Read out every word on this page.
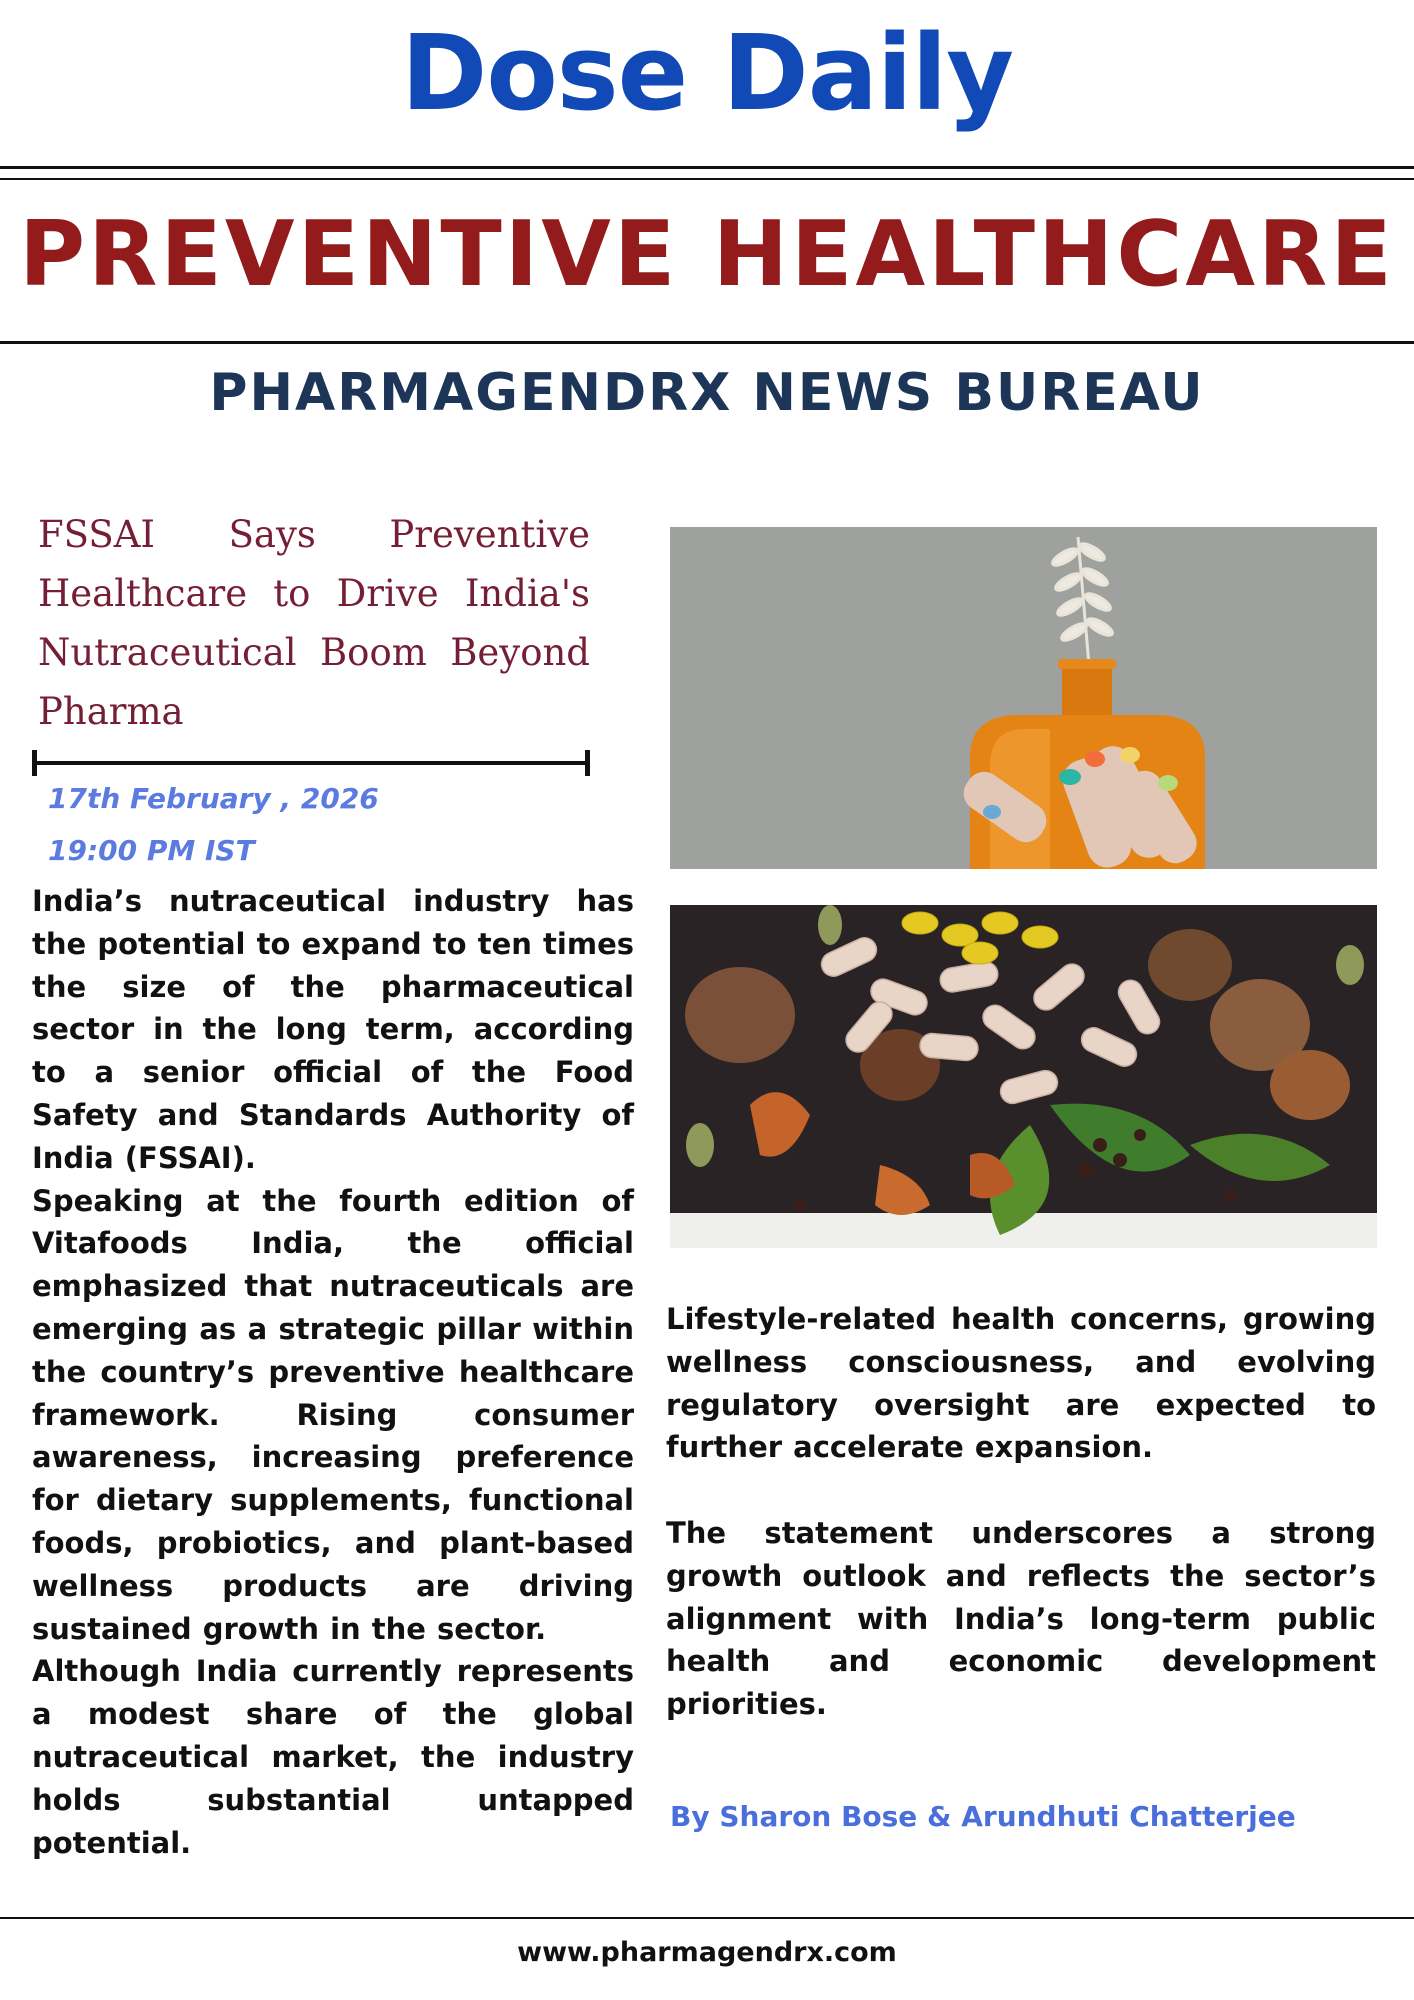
Dose Daily
PREVENTIVE HEALTHCARE
PHARMAGENDRX NEWS BUREAU
FSSAI Says Preventive Healthcare to Drive India's Nutraceutical Boom Beyond Pharma
17th February , 2026
19:00 PM IST

India’s nutraceutical industry has the potential to expand to ten times the size of the pharmaceutical sector in the long term, according to a senior official of the Food Safety and Standards Authority of India (FSSAI).

Speaking at the fourth edition of Vitafoods India, the official emphasized that nutraceuticals are emerging as a strategic pillar within the country’s preventive healthcare framework. Rising consumer awareness, increasing preference for dietary supplements, functional foods, probiotics, and plant-based wellness products are driving sustained growth in the sector.

Although India currently represents a modest share of the global nutraceutical market, the industry holds substantial untapped potential.

Lifestyle-related health concerns, growing wellness consciousness, and evolving regulatory oversight are expected to further accelerate expansion.

The statement underscores a strong growth outlook and reflects the sector’s alignment with India’s long-term public health and economic development priorities.

By Sharon Bose & Arundhuti Chatterjee
www.pharmagendrx.com
